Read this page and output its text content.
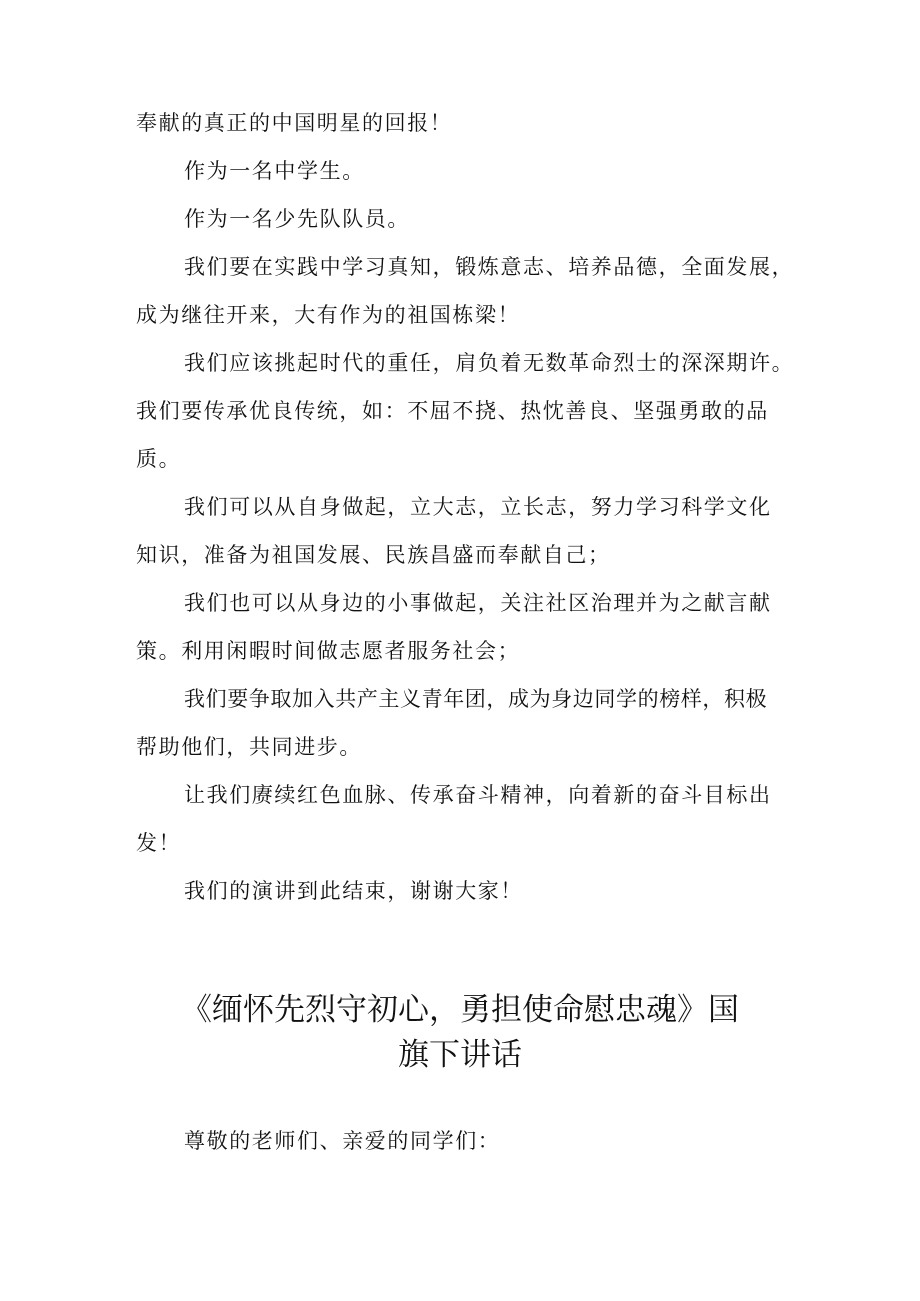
奉献的真正的中国明星的回报！
作为一名中学生。
作为一名少先队队员。
我们要在实践中学习真知，锻炼意志、培养品德，全面发展，
成为继往开来，大有作为的祖国栋梁！
我们应该挑起时代的重任，肩负着无数革命烈士的深深期许。
我们要传承优良传统，如：不屈不挠、热忱善良、坚强勇敢的品
质。
我们可以从自身做起，立大志，立长志，努力学习科学文化
知识，准备为祖国发展、民族昌盛而奉献自己；
我们也可以从身边的小事做起，关注社区治理并为之献言献
策。利用闲暇时间做志愿者服务社会；
我们要争取加入共产主义青年团，成为身边同学的榜样，积极
帮助他们，共同进步。
让我们赓续红色血脉、传承奋斗精神，向着新的奋斗目标出
发！
我们的演讲到此结束，谢谢大家！
《缅怀先烈守初心，勇担使命慰忠魂》国
旗下讲话
尊敬的老师们、亲爱的同学们：
